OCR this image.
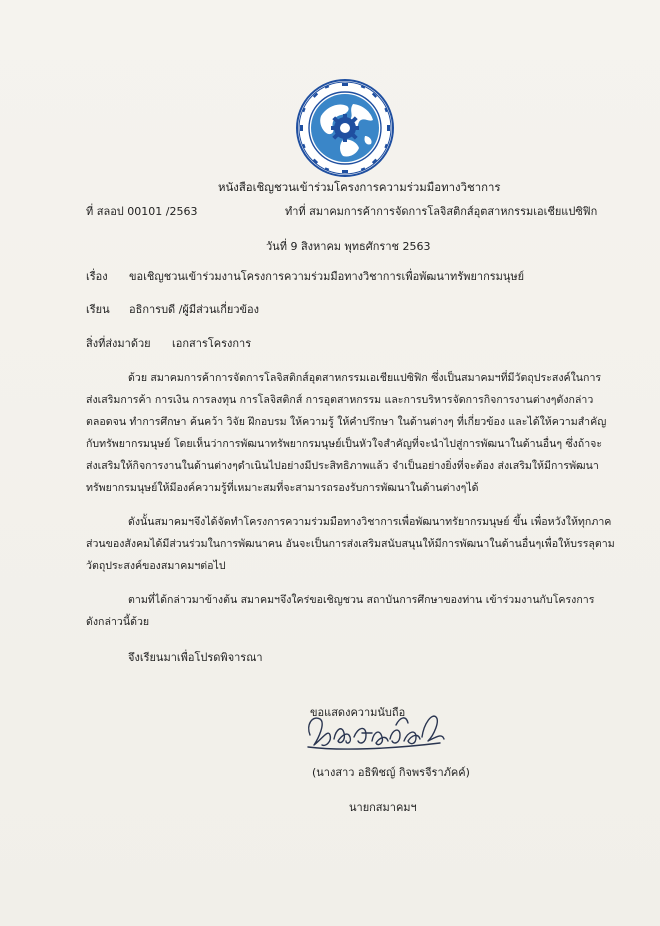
หนังสือเชิญชวนเข้าร่วมโครงการความร่วมมือทางวิชาการ
ที่ สลอป 00101 /2563	ทำที่ สมาคมการค้าการจัดการโลจิสติกส์อุตสาหกรรมเอเชียแปซิฟิก
วันที่ 9 สิงหาคม พุทธศักราช 2563
เรื่อง ขอเชิญชวนเข้าร่วมงานโครงการความร่วมมือทางวิชาการเพื่อพัฒนาทรัพยากรมนุษย์
เรียน อธิการบดี /ผู้มีส่วนเกี่ยวข้อง
สิ่งที่ส่งมาด้วย เอกสารโครงการ
ด้วย สมาคมการค้าการจัดการโลจิสติกส์อุตสาหกรรมเอเชียแปซิฟิก ซึ่งเป็นสมาคมฯที่มีวัตถุประสงค์ในการ
ส่งเสริมการค้า การเงิน การลงทุน การโลจิสติกส์ การอุตสาหกรรม และการบริหารจัดการกิจการงานต่างๆดังกล่าว
ตลอดจน ทำการศึกษา ค้นคว้า วิจัย ฝึกอบรม ให้ความรู้ ให้คำปรึกษา ในด้านต่างๆ ที่เกี่ยวข้อง และได้ให้ความสำคัญ
กับทรัพยากรมนุษย์ โดยเห็นว่าการพัฒนาทรัพยากรมนุษย์เป็นหัวใจสำคัญที่จะนำไปสู่การพัฒนาในด้านอื่นๆ ซึ่งถ้าจะ
ส่งเสริมให้กิจการงานในด้านต่างๆดำเนินไปอย่างมีประสิทธิภาพแล้ว จำเป็นอย่างยิ่งที่จะต้อง ส่งเสริมให้มีการพัฒนา
ทรัพยากรมนุษย์ให้มีองค์ความรู้ที่เหมาะสมที่จะสามารถรองรับการพัฒนาในด้านต่างๆได้
ดังนั้นสมาคมฯจึงได้จัดทำโครงการความร่วมมือทางวิชาการเพื่อพัฒนาทรัยากรมนุษย์ ขึ้น เพื่อหวังให้ทุกภาค
ส่วนของสังคมได้มีส่วนร่วมในการพัฒนาคน อันจะเป็นการส่งเสริมสนับสนุนให้มีการพัฒนาในด้านอื่นๆเพื่อให้บรรลุตาม
วัตถุประสงค์ของสมาคมฯต่อไป
ตามที่ได้กล่าวมาข้างต้น สมาคมฯจึงใคร่ขอเชิญชวน สถาบันการศึกษาของท่าน เข้าร่วมงานกับโครงการ
ดังกล่าวนี้ด้วย
จึงเรียนมาเพื่อโปรดพิจารณา
ขอแสดงความนับถือ
(นางสาว อธิพิชญ์ กิจพรจีราภัคค์)
นายกสมาคมฯ
